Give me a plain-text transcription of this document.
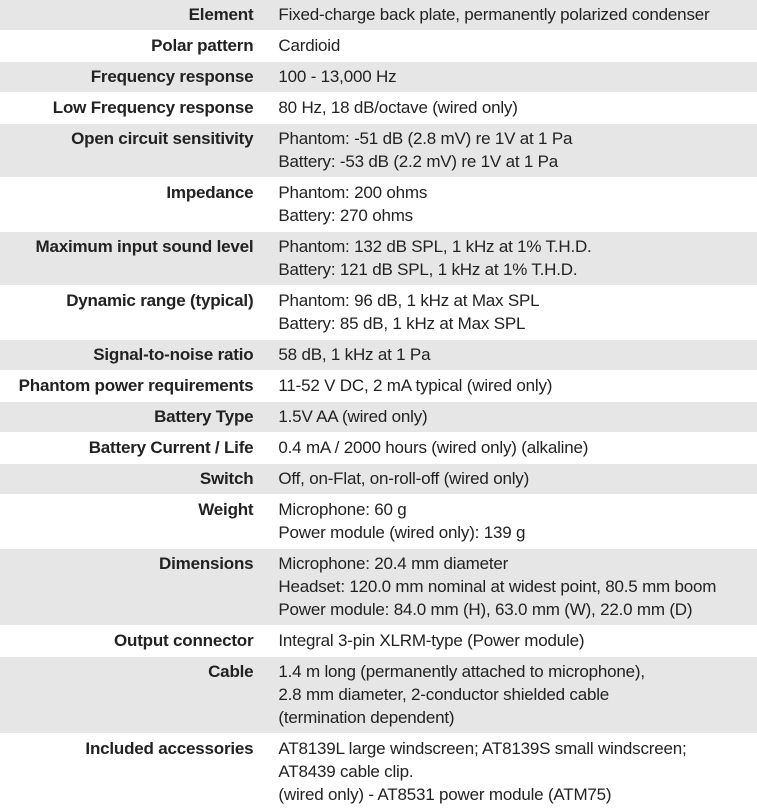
Element	Fixed-charge back plate, permanently polarized condenser

Polar pattern	Cardioid

Frequency response	100 - 13,000 Hz

Low Frequency response	80 Hz, 18 dB/octave (wired only)

Open circuit sensitivity	Phantom: -51 dB (2.8 mV) re 1V at 1 Pa
Battery: -53 dB (2.2 mV) re 1V at 1 Pa

Impedance	Phantom: 200 ohms
Battery: 270 ohms

Maximum input sound level	Phantom: 132 dB SPL, 1 kHz at 1% T.H.D.
Battery: 121 dB SPL, 1 kHz at 1% T.H.D.

Dynamic range (typical)	Phantom: 96 dB, 1 kHz at Max SPL
Battery: 85 dB, 1 kHz at Max SPL

Signal-to-noise ratio	58 dB, 1 kHz at 1 Pa

Phantom power requirements	11-52 V DC, 2 mA typical (wired only)

Battery Type	1.5V AA (wired only)

Battery Current / Life	0.4 mA / 2000 hours (wired only) (alkaline)

Switch	Off, on-Flat, on-roll-off (wired only)

Weight	Microphone: 60 g
Power module (wired only): 139 g

Dimensions	Microphone: 20.4 mm diameter
Headset: 120.0 mm nominal at widest point, 80.5 mm boom
Power module: 84.0 mm (H), 63.0 mm (W), 22.0 mm (D)

Output connector	Integral 3-pin XLRM-type (Power module)

Cable	1.4 m long (permanently attached to microphone),
2.8 mm diameter, 2-conductor shielded cable
(termination dependent)

Included accessories	AT8139L large windscreen; AT8139S small windscreen;
AT8439 cable clip.
(wired only) - AT8531 power module (ATM75)
